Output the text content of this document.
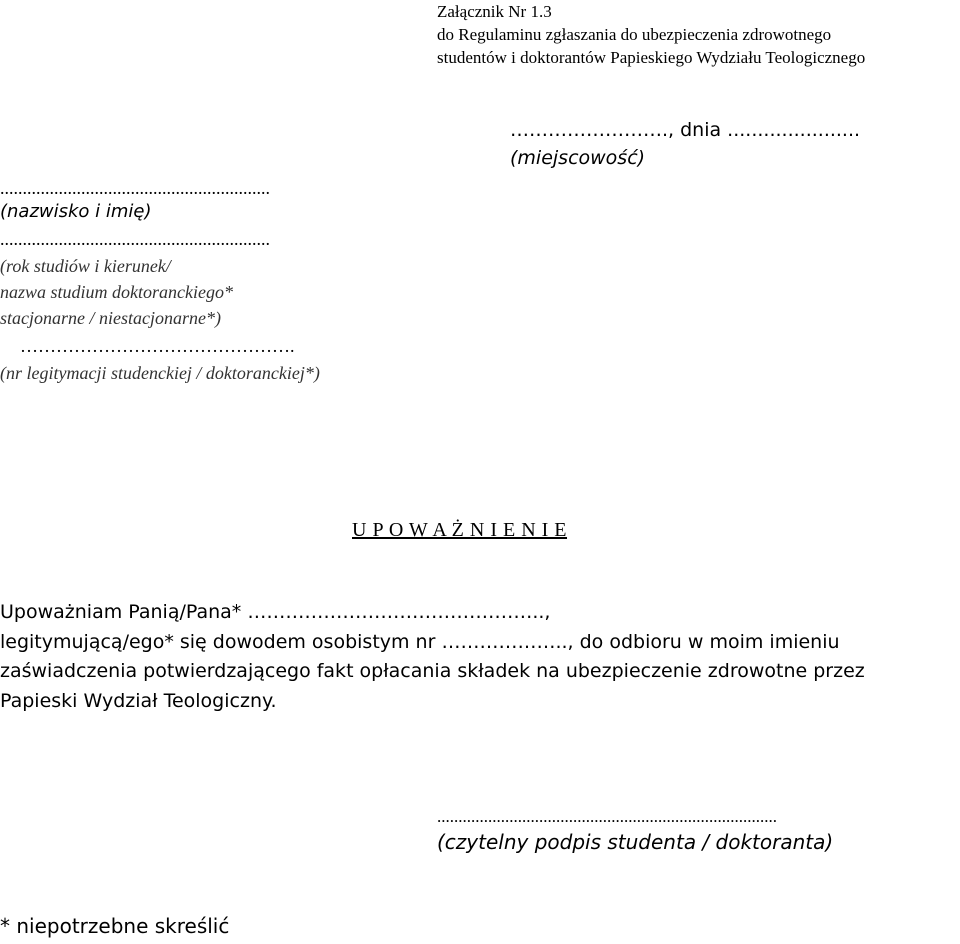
Załącznik Nr 1.3
do Regulaminu zgłaszania do ubezpieczenia zdrowotnego
studentów i doktorantów Papieskiego Wydziału Teologicznego
……………………., dnia ......................
(miejscowość)
............................................................
(nazwisko i imię)
............................................................
(rok studiów i kierunek/
nazwa studium doktoranckiego*
stacjonarne / niestacjonarne*)
……………………………………….
(nr legitymacji studenckiej / doktoranckiej*)
U P O W A Ż N I E N I E
Upoważniam Panią/Pana* ………………………………………..,
legitymującą/ego* się dowodem osobistym nr ……………….., do odbioru w moim imieniu
zaświadczenia potwierdzającego fakt opłacania składek na ubezpieczenie zdrowotne przez
Papieski Wydział Teologiczny.
................................................................................
(czytelny podpis studenta / doktoranta)
* niepotrzebne skreślić
